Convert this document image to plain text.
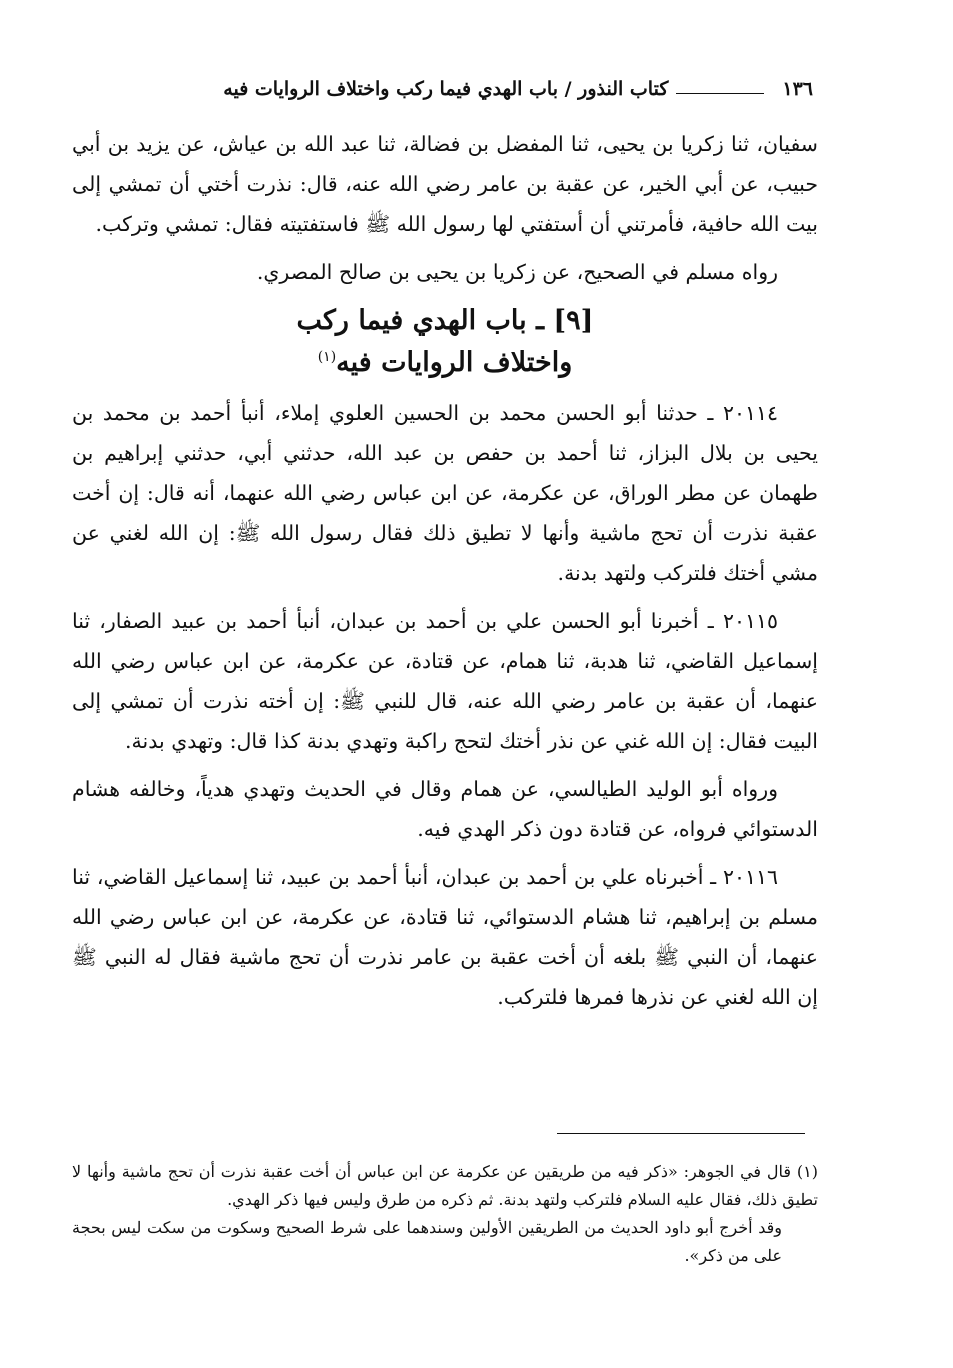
١٣٦
كتاب النذور / باب الهدي فيما ركب واختلاف الروايات فيه

سفيان، ثنا زكريا بن يحيى، ثنا المفضل بن فضالة، ثنا عبد الله بن عياش، عن يزيد بن أبي حبيب، عن أبي الخير، عن عقبة بن عامر رضي الله عنه، قال: نذرت أختي أن تمشي إلى بيت الله حافية، فأمرتني أن أستفتي لها رسول الله ﷺ فاستفتيته فقال: تمشي وتركب.

رواه مسلم في الصحيح، عن زكريا بن يحيى بن صالح المصري.

[٩] ـ باب الهدي فيما ركب
واختلاف الروايات فيه$^{(١)}$

٢٠١١٤ ـ حدثنا أبو الحسن محمد بن الحسين العلوي إملاء، أنبأ أحمد بن محمد بن يحيى بن بلال البزاز، ثنا أحمد بن حفص بن عبد الله، حدثني أبي، حدثني إبراهيم بن طهمان عن مطر الوراق، عن عكرمة، عن ابن عباس رضي الله عنهما، أنه قال: إن أخت عقبة نذرت أن تحج ماشية وأنها لا تطيق ذلك فقال رسول الله ﷺ: إن الله لغني عن مشي أختك فلتركب ولتهد بدنة.

٢٠١١٥ ـ أخبرنا أبو الحسن علي بن أحمد بن عبدان، أنبأ أحمد بن عبيد الصفار، ثنا إسماعيل القاضي، ثنا هدبة، ثنا همام، عن قتادة، عن عكرمة، عن ابن عباس رضي الله عنهما، أن عقبة بن عامر رضي الله عنه، قال للنبي ﷺ: إن أخته نذرت أن تمشي إلى البيت فقال: إن الله غني عن نذر أختك لتحج راكبة وتهدي بدنة كذا قال: وتهدي بدنة.

ورواه أبو الوليد الطيالسي، عن همام وقال في الحديث وتهدي هدياً، وخالفه هشام الدستوائي فرواه، عن قتادة دون ذكر الهدي فيه.

٢٠١١٦ ـ أخبرناه علي بن أحمد بن عبدان، أنبأ أحمد بن عبيد، ثنا إسماعيل القاضي، ثنا مسلم بن إبراهيم، ثنا هشام الدستوائي، ثنا قتادة، عن عكرمة، عن ابن عباس رضي الله عنهما، أن النبي ﷺ بلغه أن أخت عقبة بن عامر نذرت أن تحج ماشية فقال له النبي ﷺ إن الله لغني عن نذرها فمرها فلتركب.

(١) قال في الجوهر: «ذكر فيه من طريقين عن عكرمة عن ابن عباس أن أخت عقبة نذرت أن تحج ماشية وأنها لا تطيق ذلك، فقال عليه السلام فلتركب ولتهد بدنة. ثم ذكره من طرق وليس فيها ذكر الهدي.

وقد أخرج أبو داود الحديث من الطريقين الأولين وسندهما على شرط الصحيح وسكوت من سكت ليس بحجة على من ذكر».
